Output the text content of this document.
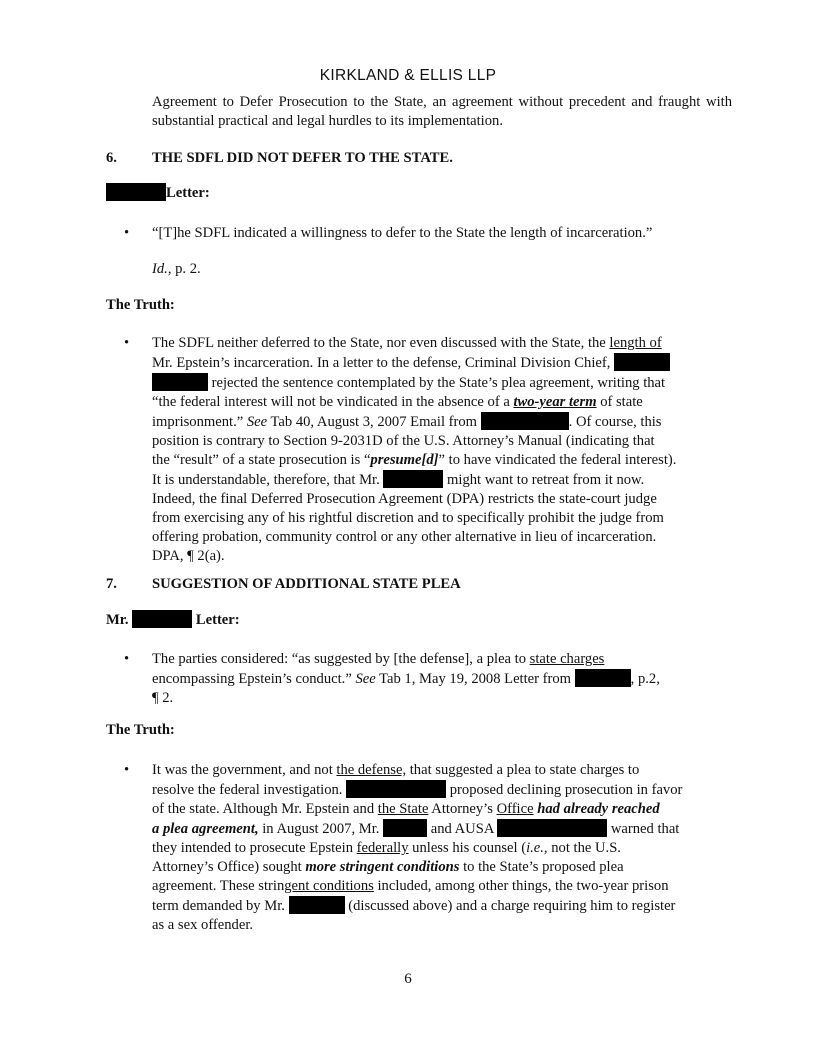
KIRKLAND & ELLIS LLP
Agreement to Defer Prosecution to the State, an agreement without precedent and fraught with substantial practical and legal hurdles to its implementation.
6. THE SDFL DID NOT DEFER TO THE STATE.
Letter:
• “[T]he SDFL indicated a willingness to defer to the State the length of incarceration.”
Id., p. 2.
The Truth:
• The SDFL neither deferred to the State, nor even discussed with the State, the length of
Mr. Epstein’s incarceration. In a letter to the defense, Criminal Division Chief,
rejected the sentence contemplated by the State’s plea agreement, writing that
“the federal interest will not be vindicated in the absence of a two-year term of state
imprisonment.” See Tab 40, August 3, 2007 Email from	. Of course, this
position is contrary to Section 9-2031D of the U.S. Attorney’s Manual (indicating that
the “result” of a state prosecution is “presume[d]” to have vindicated the federal interest).
It is understandable, therefore, that Mr.	might want to retreat from it now.
Indeed, the final Deferred Prosecution Agreement (DPA) restricts the state-court judge
from exercising any of his rightful discretion and to specifically prohibit the judge from
offering probation, community control or any other alternative in lieu of incarceration.
DPA, ¶ 2(a).
7. SUGGESTION OF ADDITIONAL STATE PLEA
Mr.	Letter:
• The parties considered: “as suggested by [the defense], a plea to state charges
encompassing Epstein’s conduct.” See Tab 1, May 19, 2008 Letter from	, p.2,
¶ 2.
The Truth:
• It was the government, and not the defense, that suggested a plea to state charges to
resolve the federal investigation.	proposed declining prosecution in favor
of the state. Although Mr. Epstein and the State Attorney’s Office had already reached
a plea agreement, in August 2007, Mr.	and AUSA	warned that
they intended to prosecute Epstein federally unless his counsel (i.e., not the U.S.
Attorney’s Office) sought more stringent conditions to the State’s proposed plea
agreement. These stringent conditions included, among other things, the two-year prison
term demanded by Mr.	(discussed above) and a charge requiring him to register
as a sex offender.
6
